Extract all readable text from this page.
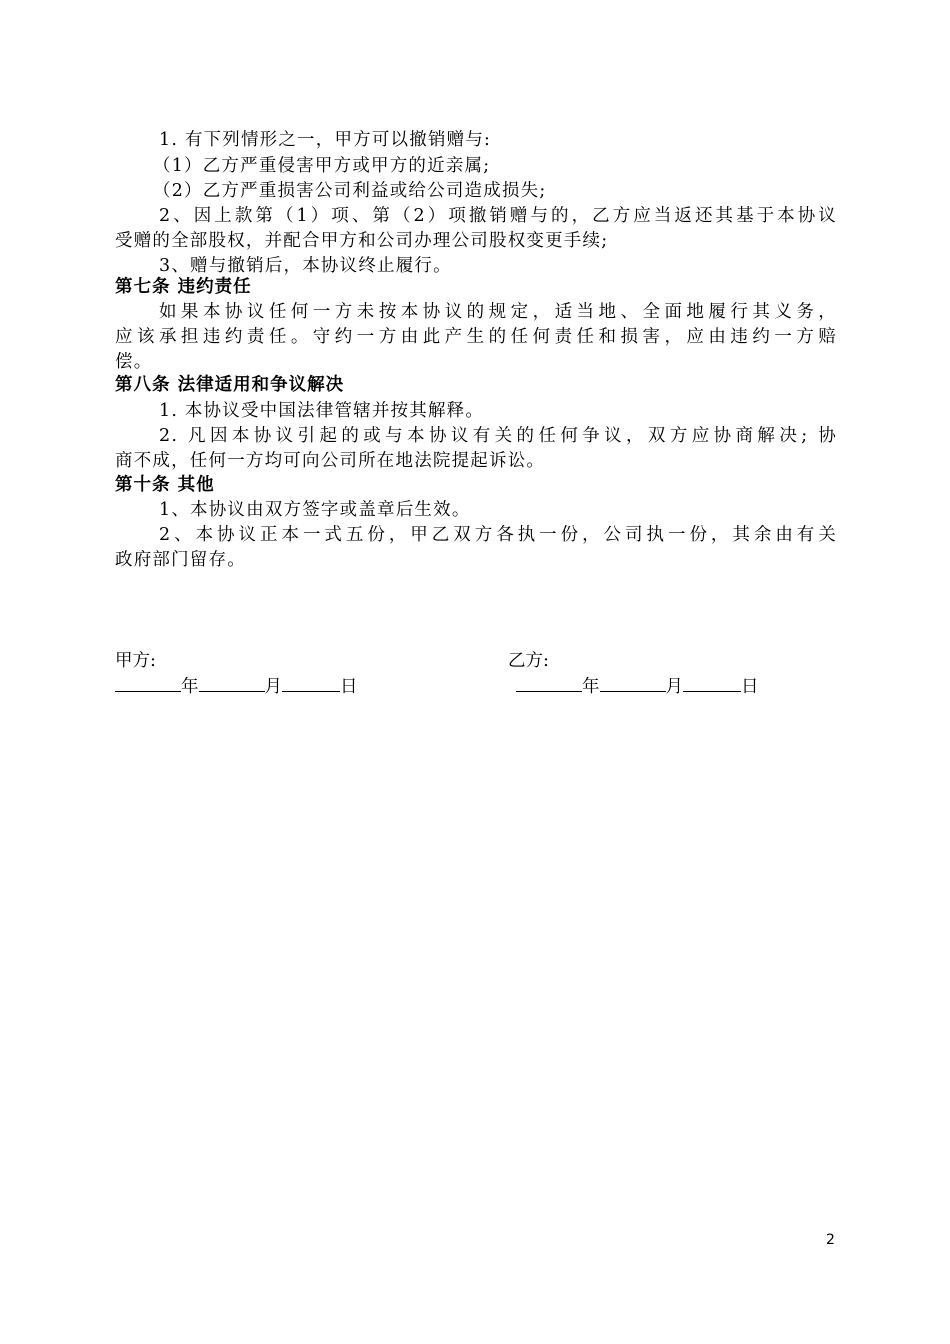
1. 有下列情形之一，甲方可以撤销赠与:
（1）乙方严重侵害甲方或甲方的近亲属;
（2）乙方严重损害公司利益或给公司造成损失;
2、因上款第（1）项、第（2）项撤销赠与的，乙方应当返还其基于本协议
受赠的全部股权，并配合甲方和公司办理公司股权变更手续;
3、赠与撤销后，本协议终止履行。
第七条 违约责任
如果本协议任何一方未按本协议的规定，适当地、全面地履行其义务，
应该承担违约责任。守约一方由此产生的任何责任和损害，应由违约一方赔
偿。
第八条 法律适用和争议解决
1. 本协议受中国法律管辖并按其解释。
2. 凡因本协议引起的或与本协议有关的任何争议，双方应协商解决; 协
商不成，任何一方均可向公司所在地法院提起诉讼。
第十条 其他
1、本协议由双方签字或盖章后生效。
2、本协议正本一式五份，甲乙双方各执一份，公司执一份，其余由有关
政府部门留存。
甲方:
年	月	日
乙方:
年	月	日
2
